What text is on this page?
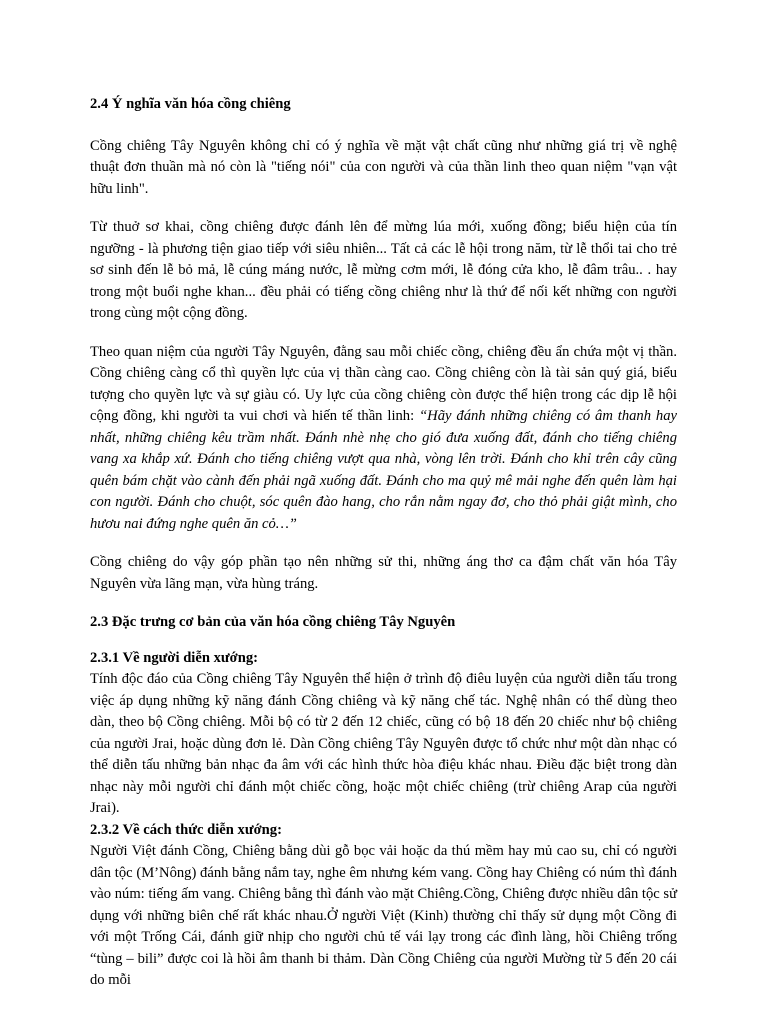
2.4 Ý nghĩa văn hóa cồng chiêng

Cồng chiêng Tây Nguyên không chỉ có ý nghĩa về mặt vật chất cũng như những giá trị về nghệ thuật đơn thuần mà nó còn là "tiếng nói" của con người và của thần linh theo quan niệm "vạn vật hữu linh".

Từ thuở sơ khai, cồng chiêng được đánh lên để mừng lúa mới, xuống đồng; biểu hiện của tín ngưỡng - là phương tiện giao tiếp với siêu nhiên... Tất cả các lễ hội trong năm, từ lễ thổi tai cho trẻ sơ sinh đến lễ bỏ mả, lễ cúng máng nước, lễ mừng cơm mới, lễ đóng cửa kho, lễ đâm trâu.. . hay trong một buổi nghe khan... đều phải có tiếng cồng chiêng như là thứ để nối kết những con người trong cùng một cộng đồng.

Theo quan niệm của người Tây Nguyên, đằng sau mỗi chiếc cồng, chiêng đều ẩn chứa một vị thần. Cồng chiêng càng cổ thì quyền lực của vị thần càng cao. Cồng chiêng còn là tài sản quý giá, biểu tượng cho quyền lực và sự giàu có. Uy lực của cồng chiêng còn được thể hiện trong các dịp lễ hội cộng đồng, khi người ta vui chơi và hiến tế thần linh: “Hãy đánh những chiêng có âm thanh hay nhất, những chiêng kêu trầm nhất. Đánh nhè nhẹ cho gió đưa xuống đất, đánh cho tiếng chiêng vang xa khắp xứ. Đánh cho tiếng chiêng vượt qua nhà, vòng lên trời. Đánh cho khỉ trên cây cũng quên bám chặt vào cành đến phải ngã xuống đất. Đánh cho ma quỷ mê mải nghe đến quên làm hại con người. Đánh cho chuột, sóc quên đào hang, cho rắn nằm ngay đơ, cho thỏ phải giật mình, cho hươu nai đứng nghe quên ăn cỏ…”

Cồng chiêng do vậy góp phần tạo nên những sử thi, những áng thơ ca đậm chất văn hóa Tây Nguyên vừa lãng mạn, vừa hùng tráng.

2.3 Đặc trưng cơ bản của văn hóa cồng chiêng Tây Nguyên
2.3.1 Về người diễn xướng:

Tính độc đáo của Cồng chiêng Tây Nguyên thể hiện ở trình độ điêu luyện của người diễn tấu trong việc áp dụng những kỹ năng đánh Cồng chiêng và kỹ năng chế tác. Nghệ nhân có thể dùng theo dàn, theo bộ Cồng chiêng. Mỗi bộ có từ 2 đến 12 chiếc, cũng có bộ 18 đến 20 chiếc như bộ chiêng của người Jrai, hoặc dùng đơn lẻ. Dàn Cồng chiêng Tây Nguyên được tổ chức như một dàn nhạc có thể diễn tấu những bản nhạc đa âm với các hình thức hòa điệu khác nhau. Điều đặc biệt trong dàn nhạc này mỗi người chỉ đánh một chiếc cồng, hoặc một chiếc chiêng (trừ chiêng Arap của người Jrai).

2.3.2 Về cách thức diễn xướng:

Người Việt đánh Cồng, Chiêng bằng dùi gỗ bọc vải hoặc da thú mềm hay mủ cao su, chỉ có người dân tộc (M’Nông) đánh bằng nắm tay, nghe êm nhưng kém vang. Cồng hay Chiêng có núm thì đánh vào núm: tiếng ấm vang. Chiêng bằng thì đánh vào mặt Chiêng.Cồng, Chiêng được nhiều dân tộc sử dụng với những biên chế rất khác nhau.Ở người Việt (Kinh) thường chỉ thấy sử dụng một Cồng đi với một Trống Cái, đánh giữ nhịp cho người chủ tế vái lạy trong các đình làng, hồi Chiêng trống “tùng – bili” được coi là hồi âm thanh bi thảm. Dàn Cồng Chiêng của người Mường từ 5 đến 20 cái do mỗi
